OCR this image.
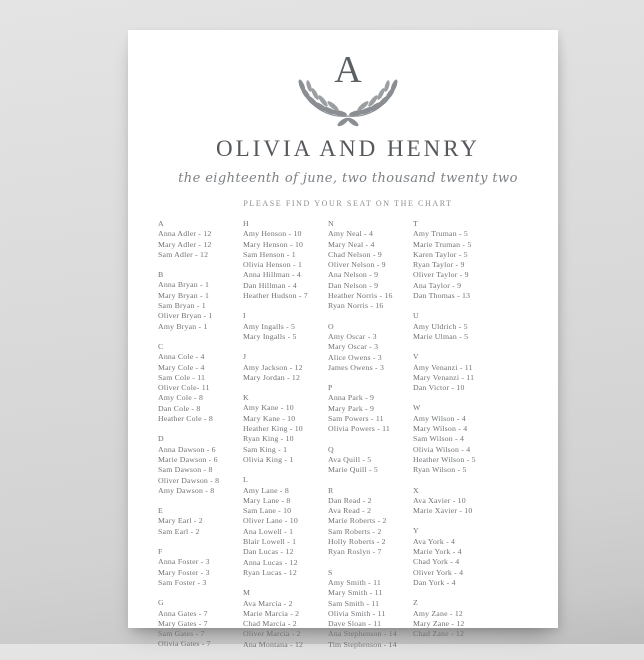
A
OLIVIA AND HENRY
the eighteenth of june, two thousand twenty two
PLEASE FIND YOUR SEAT ON THE CHART
A
Anna Adler - 12
Mary Adler - 12
Sam Adler - 12
B
Anna Bryan - 1
Mary Bryan - 1
Sam Bryan - 1
Oliver Bryan - 1
Amy Bryan - 1
C
Anna Cole - 4
Mary Cole - 4
Sam Cole - 11
Oliver Cole- 11
Amy Cole - 8
Dan Cole - 8
Heather Cole - 8
D
Anna Dawson - 6
Marie Dawson - 6
Sam Dawson - 8
Oliver Dawson - 8
Amy Dawson - 8
E
Mary Earl - 2
Sam Earl - 2
F
Anna Foster - 3
Mary Foster - 3
Sam Foster - 3
G
Anna Gates - 7
Mary Gates - 7
Sam Gates - 7
Olivia Gates - 7
H
Amy Henson - 10
Mary Henson - 10
Sam Henson - 1
Olivia Henson - 1
Anna Hillman - 4
Dan Hillman - 4
Heather Hudson - 7
I
Amy Ingalls - 5
Mary Ingalls - 5
J
Amy Jackson - 12
Mary Jordan - 12
K
Amy Kane - 10
Mary Kane - 10
Heather King - 10
Ryan King - 10
Sam King - 1
Olivia King - 1
L
Amy Lane - 8
Mary Lane - 8
Sam Lane - 10
Oliver Lane - 10
Ana Lowell - 1
Blair Lowell - 1
Dan Lucas - 12
Anna Lucas - 12
Ryan Lucas - 12
M
Ava Marcia - 2
Marie Marcia - 2
Chad Marcia - 2
Oliver Marcia - 2
Ana Montana - 12
N
Amy Neal - 4
Mary Neal - 4
Chad Nelson - 9
Oliver Nelson - 9
Ana Nelson - 9
Dan Nelson - 9
Heather Norris - 16
Ryan Norris - 16
O
Amy Oscar - 3
Mary Oscar - 3
Alice Owens - 3
James Owens - 3
P
Anna Park - 9
Mary Park - 9
Sam Powers - 11
Olivia Powers - 11
Q
Ava Quill - 5
Marie Quill - 5
R
Dan Read - 2
Ava Read - 2
Marie Roberts - 2
Sam Roberts - 2
Holly Roberts - 2
Ryan Roslyn - 7
S
Amy Smith - 11
Mary Smith - 11
Sam Smith - 11
Olivia Smith - 11
Dave Sloan - 11
Ana Stephenson - 14
Tim Stephenson - 14
T
Amy Truman - 5
Marie Truman - 5
Karen Taylor - 5
Ryan Taylor - 9
Oliver Taylor - 9
Ana Taylor - 9
Dan Thomas - 13
U
Amy Uldrich - 5
Marie Ulman - 5
V
Amy Venanzi - 11
Mary Venanzi - 11
Dan Victor - 10
W
Amy Wilson - 4
Mary Wilson - 4
Sam Wilson - 4
Olivia Wilson - 4
Heather Wilson - 5
Ryan Wilson - 5
X
Ava Xavier - 10
Marie Xavier - 10
Y
Ava York - 4
Marie York - 4
Chad York - 4
Oliver York - 4
Dan York - 4
Z
Amy Zane - 12
Mary Zane - 12
Chad Zane - 12
